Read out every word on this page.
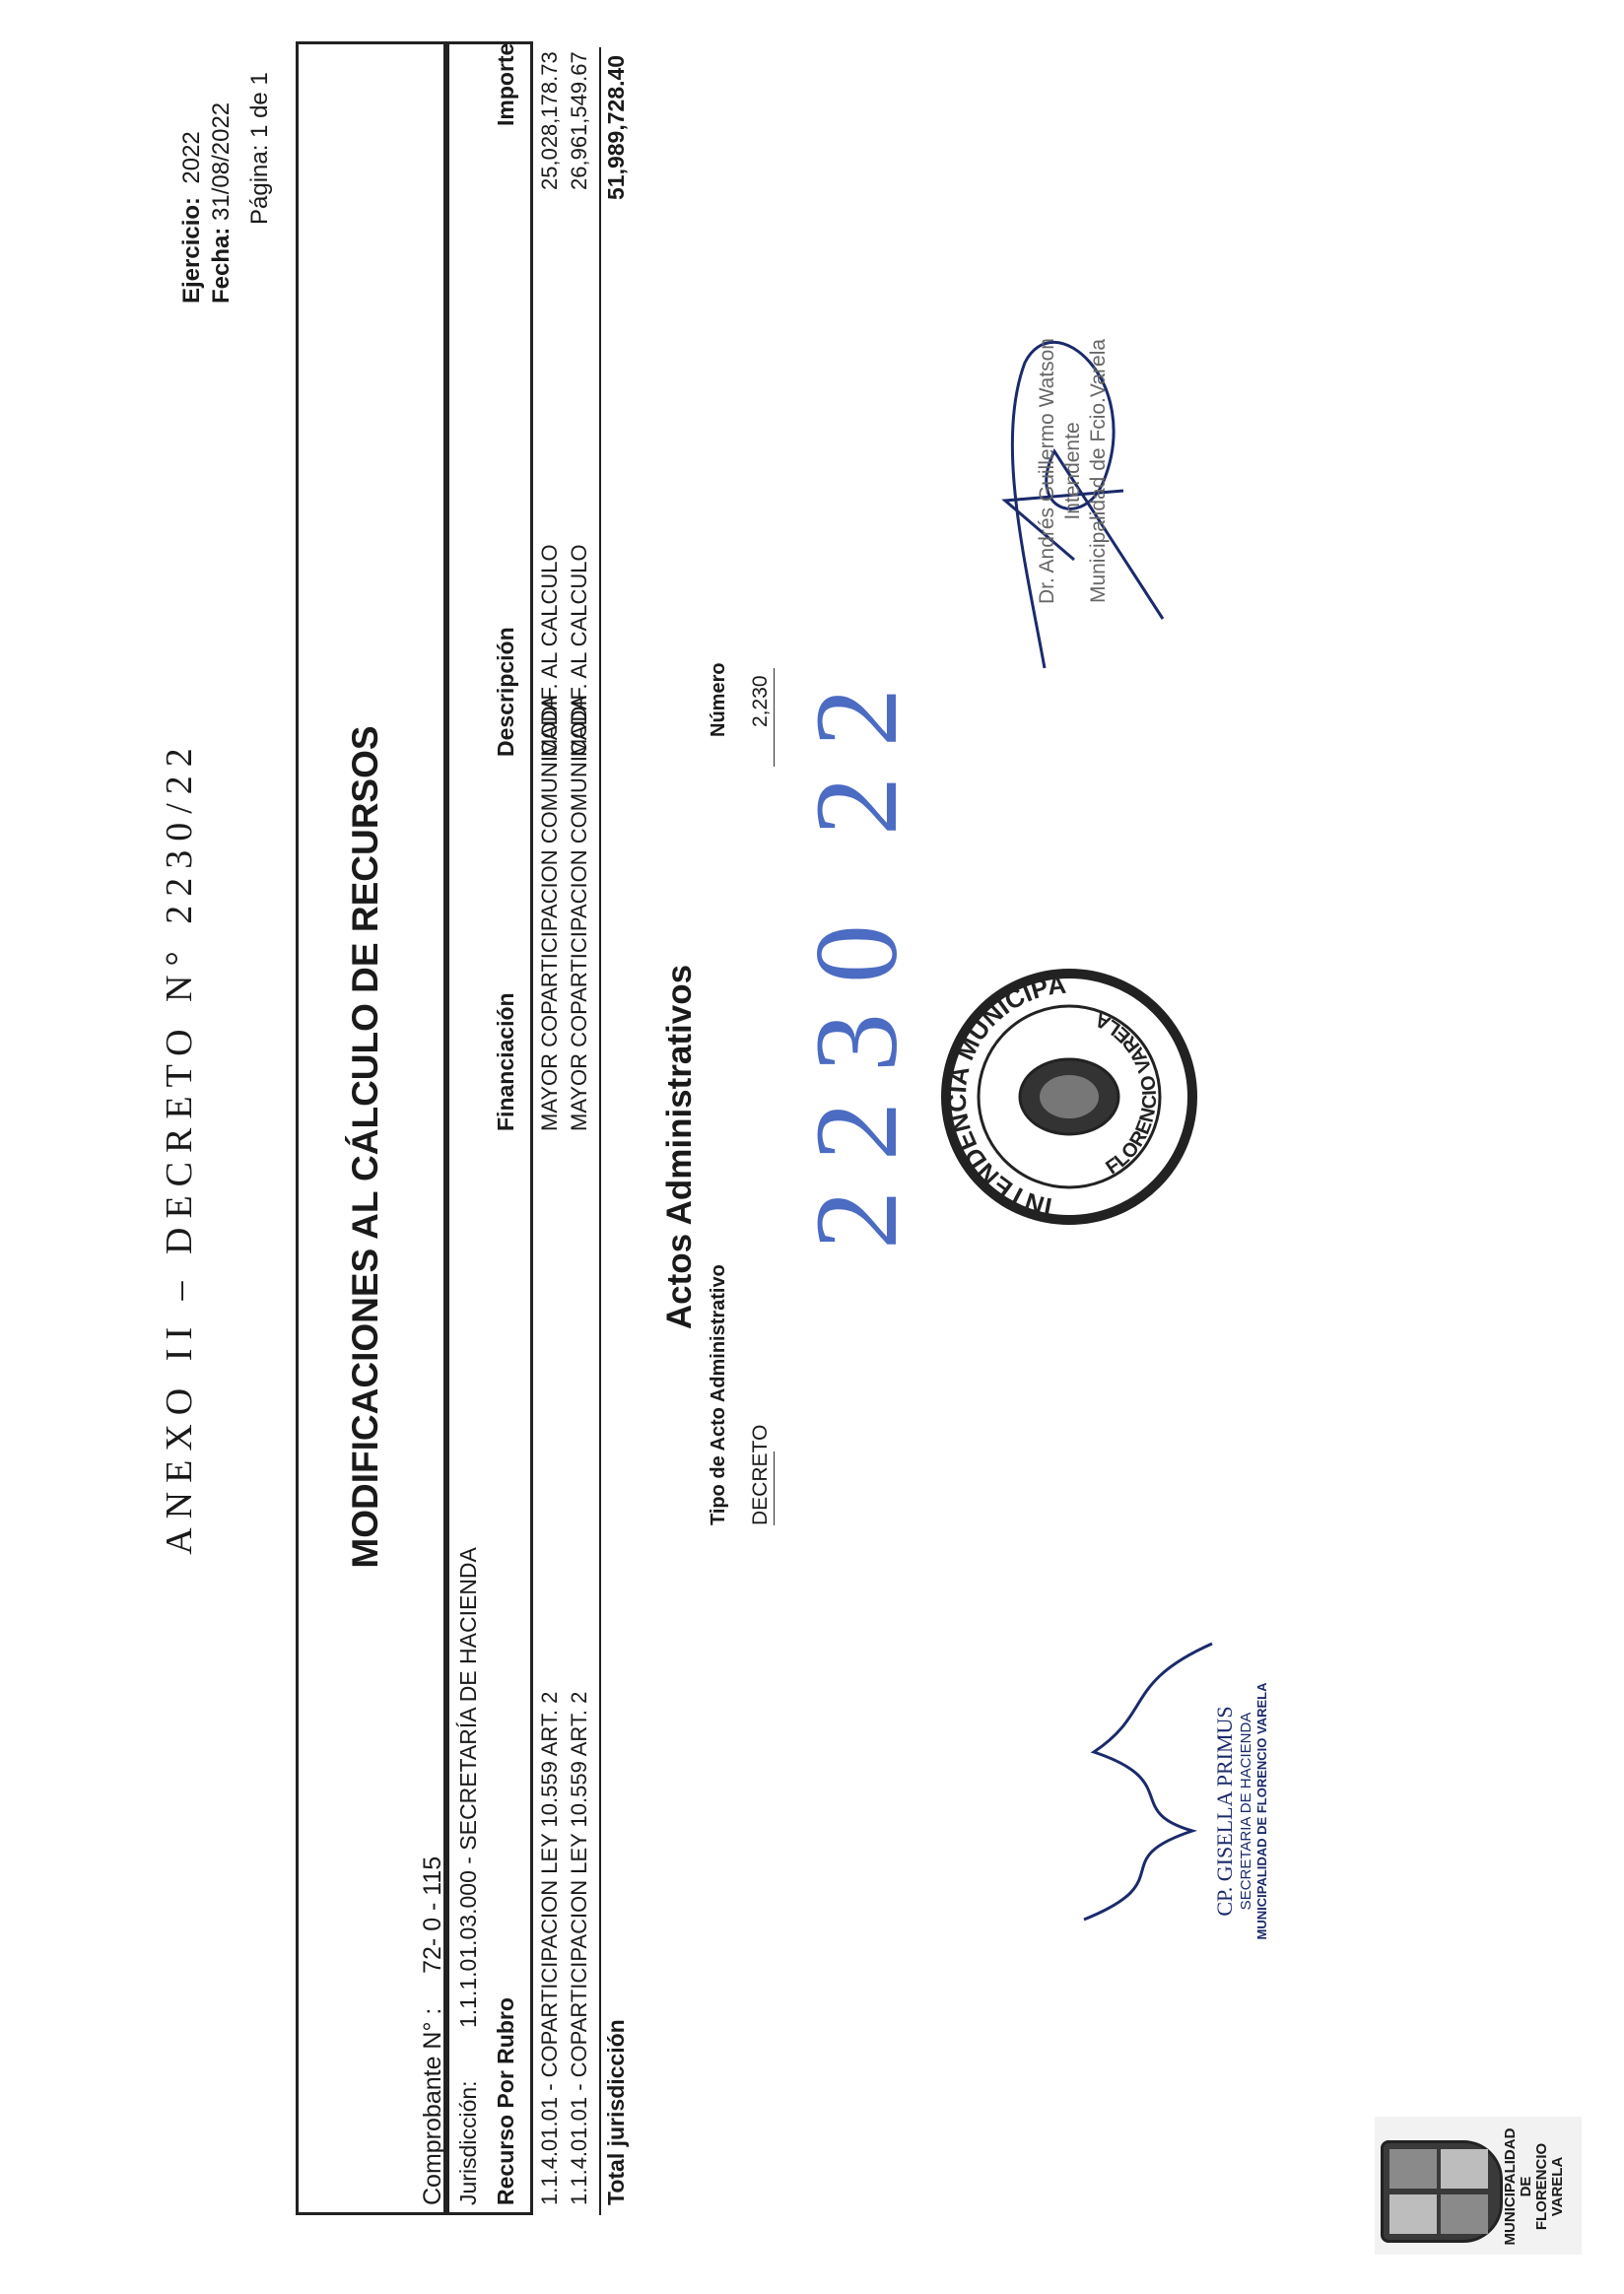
MUNICIPALIDAD DE FLORENCIO VARELA
ANEXO II – DECRETO N° 2230/22
Ejercicio:  2022
Fecha: 31/08/2022 Página: 1 de 1
MODIFICACIONES AL CÁLCULO DE RECURSOS
Comprobante N° :     72- 0 - 115
Jurisdicción:
1.1.1.01.03.000 - SECRETARÍA DE HACIENDA
Recurso Por Rubro
Financiación
Descripción
Importe
1.1.4.01.01 - COPARTICIPACION LEY 10.559 ART. 2
MAYOR COPARTICIPACION COMUNICADA
MODIF. AL CALCULO
25,028,178.73
1.1.4.01.01 - COPARTICIPACION LEY 10.559 ART. 2
MAYOR COPARTICIPACION COMUNICADA
MODIF. AL CALCULO
26,961,549.67
Total jurisdicción
51,989,728.40
Actos Administrativos
Tipo de Acto Administrativo
Número
DECRETO
2,230 2230 22	INTENDENCIA MUNICIPA
FLORENCIO VARELA
Dr. Andrés Guillermo Watson Intendente Municipalidad de Fcio.Varela
CP. GISELLA PRIMUS SECRETARIA DE HACIENDA MUNICIPALIDAD DE FLORENCIO VARELA
